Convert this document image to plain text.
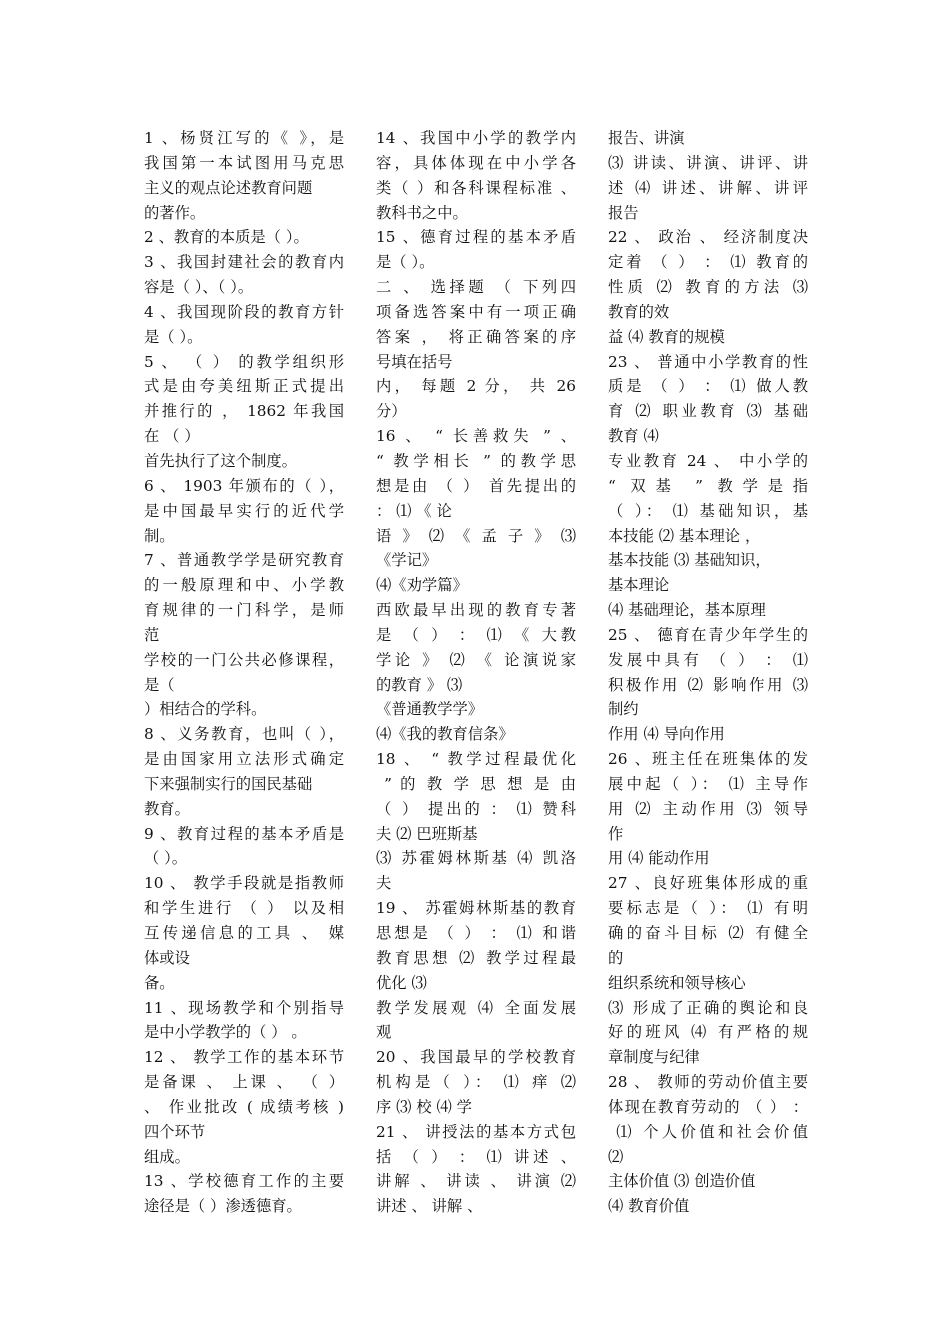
1 、杨贤江写的《 》，是
我国第一本试图用马克思
主义的观点论述教育问题
的著作。
2 、教育的本质是（ ）。
3 、我国封建社会的教育内
容是（ ）、（ ）。
4 、我国现阶段的教育方针
是（ ）。
5 、 （ ） 的教学组织形
式是由夸美纽斯正式提出
并推行的 ， 1862 年我国
在 （ ）
首先执行了这个制度。
6 、 1903 年颁布的（ ），
是中国最早实行的近代学
制。
7 、普通教学学是研究教育
的一般原理和中、小学教
育规律的一门科学，是师
范
学校的一门公共必修课程，
是（
）相结合的学科。
8 、义务教育，也叫（ ），
是由国家用立法形式确定
下来强制实行的国民基础
教育。
9 、教育过程的基本矛盾是
（ ）。
10 、 教学手段就是指教师
和学生进行 （ ） 以及相
互传递信息的工具 、 媒
体或设
备。
11 、现场教学和个别指导
是中小学教学的（ ） 。
12 、 教学工作的基本环节
是备课 、 上课 、 （ ）
、 作业批改 ( 成绩考核 )
四个环节
组成。
13 、学校德育工作的主要
途径是（ ）渗透德育。
14 、我国中小学的教学内
容，具体体现在中小学各
类（ ）和各科课程标准 、
教科书之中。
15 、德育过程的基本矛盾
是（ ）。
二 、 选择题 （ 下列四
项备选答案中有一项正确
答案 ， 将正确答案的序
号填在括号
内， 每题 2 分， 共 26
分）
16 、 “ 长善救失 ” 、
“ 教学相长 ” 的教学思
想是由 （ ） 首先提出的
： ⑴ 《 论
语 》 ⑵ 《 孟 子 》 ⑶
《学记》
⑷《劝学篇》
西欧最早出现的教育专著
是 （ ） ： ⑴ 《 大教
学论 》 ⑵ 《 论演说家
的教育 》 ⑶
《普通教学学》
⑷《我的教育信条》
18 、 “ 教学过程最优化
” 的 教 学 思 想 是 由
（ ） 提出的 ： ⑴ 赞科
夫 ⑵ 巴班斯基
⑶ 苏霍姆林斯基 ⑷ 凯洛
夫
19 、 苏霍姆林斯基的教育
思想是 （ ） ： ⑴ 和谐
教育思想 ⑵ 教学过程最
优化 ⑶
教学发展观 ⑷ 全面发展
观
20 、我国最早的学校教育
机构是（ ）： ⑴ 痒 ⑵
序 ⑶ 校 ⑷ 学
21 、 讲授法的基本方式包
括 （ ） ： ⑴ 讲述 、
讲解 、 讲读 、 讲演 ⑵
讲述 、 讲解 、
报告、讲演
⑶ 讲读、讲演、讲评、讲
述 ⑷ 讲述、讲解、讲评
报告
22 、 政治 、 经济制度决
定着 （ ） ： ⑴ 教育的
性质 ⑵ 教育的方法 ⑶
教育的效
益 ⑷ 教育的规模
23 、 普通中小学教育的性
质是 （ ） ： ⑴ 做人教
育 ⑵ 职业教育 ⑶ 基础
教育 ⑷
专业教育 24 、 中小学的
“ 双基 ” 教学是指
（ ）： ⑴ 基础知识，基
本技能 ⑵ 基本理论 ，
基本技能 ⑶ 基础知识，
基本理论
⑷ 基础理论，基本原理
25 、 德育在青少年学生的
发展中具有 （ ） ： ⑴
积极作用 ⑵ 影响作用 ⑶
制约
作用 ⑷ 导向作用
26 、班主任在班集体的发
展中起（ ）： ⑴ 主导作
用 ⑵ 主动作用 ⑶ 领导
作
用 ⑷ 能动作用
27 、良好班集体形成的重
要标志是（ ）： ⑴ 有明
确的奋斗目标 ⑵ 有健全
的
组织系统和领导核心
⑶ 形成了正确的舆论和良
好的班风 ⑷ 有严格的规
章制度与纪律
28 、 教师的劳动价值主要
体现在教育劳动的 （ ） ：
⑴ 个人价值和社会价值
⑵
主体价值 ⑶ 创造价值
⑷ 教育价值
